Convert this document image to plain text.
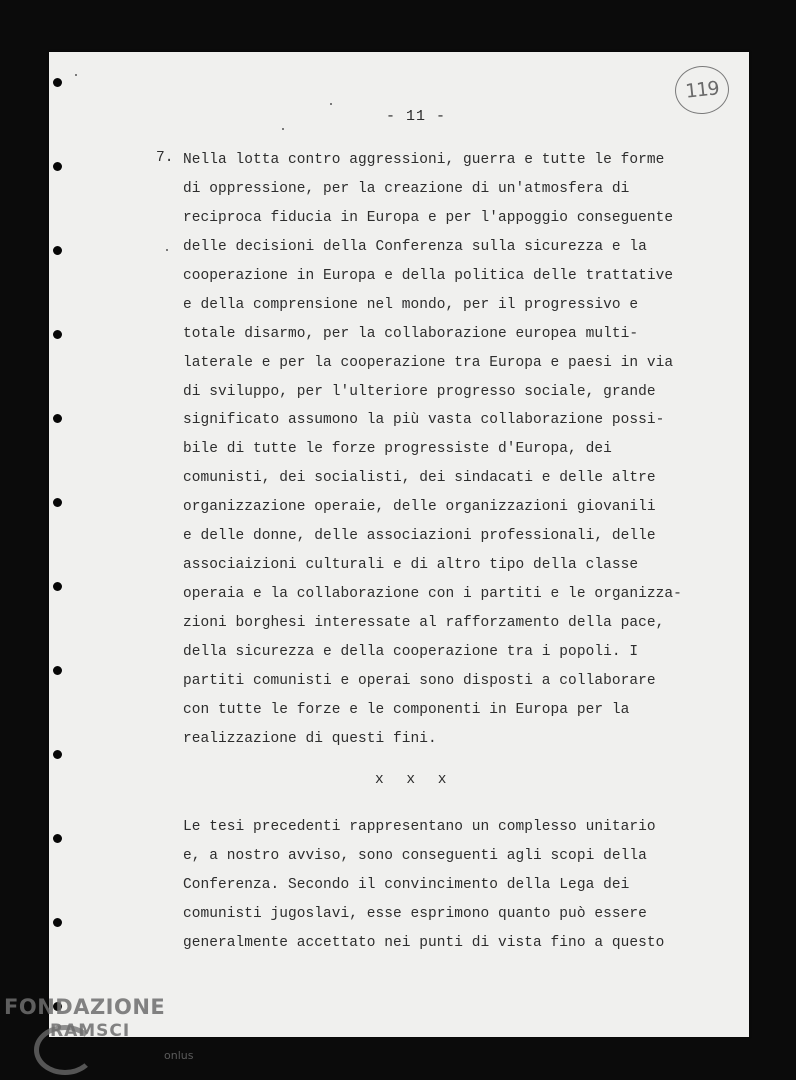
119
- 11 -
7. Nella lotta contro aggressioni, guerra e tutte le forme
di oppressione, per la creazione di un'atmosfera di
reciproca fiducia in Europa e per l'appoggio conseguente
delle decisioni della Conferenza sulla sicurezza e la
cooperazione in Europa e della politica delle trattative
e della comprensione nel mondo, per il progressivo e
totale disarmo, per la collaborazione europea multi-
laterale e per la cooperazione tra Europa e paesi in via
di sviluppo, per l'ulteriore progresso sociale, grande
significato assumono la più vasta collaborazione possi-
bile di tutte le forze progressiste d'Europa, dei
comunisti, dei socialisti, dei sindacati e delle altre
organizzazione operaie, delle organizzazioni giovanili
e delle donne, delle associazioni professionali, delle
associaizioni culturali e di altro tipo della classe
operaia e la collaborazione con i partiti e le organizza-
zioni borghesi interessate al rafforzamento della pace,
della sicurezza e della cooperazione tra i popoli. I
partiti comunisti e operai sono disposti a collaborare
con tutte le forze e le componenti in Europa per la
realizzazione di questi fini.
x x x
Le tesi precedenti rappresentano un complesso unitario
e, a nostro avviso, sono conseguenti agli scopi della
Conferenza. Secondo il convincimento della Lega dei
comunisti jugoslavi, esse esprimono quanto può essere
generalmente accettato nei punti di vista fino a questo
FONDAZIONE
RAMSCI
onlus
